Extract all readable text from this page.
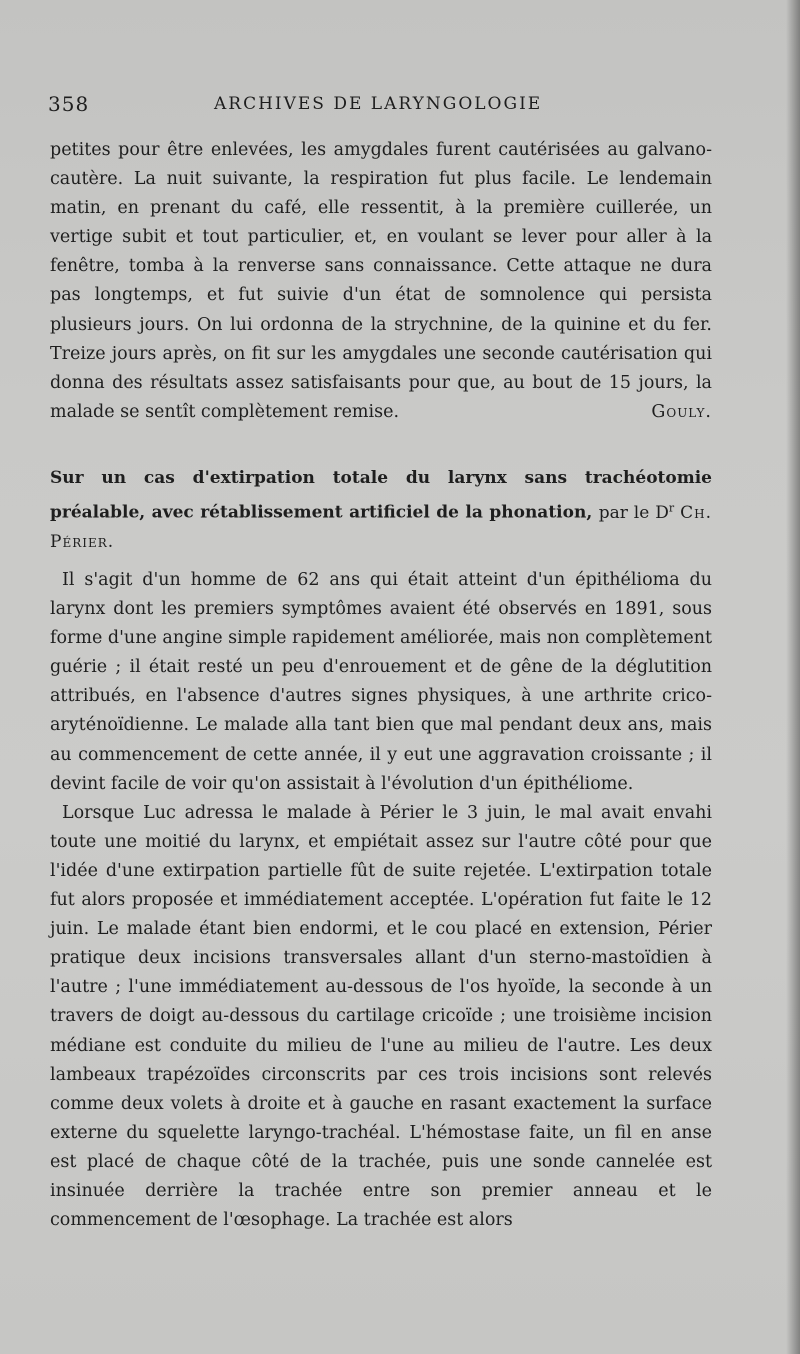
358	ARCHIVES DE LARYNGOLOGIE

petites pour être enlevées, les amygdales furent cautérisées au galvano-cautère. La nuit suivante, la respiration fut plus facile. Le lendemain matin, en prenant du café, elle ressentit, à la première cuillerée, un vertige subit et tout particulier, et, en voulant se lever pour aller à la fenêtre, tomba à la renverse sans connaissance. Cette attaque ne dura pas longtemps, et fut suivie d'un état de somnolence qui persista plusieurs jours. On lui ordonna de la strychnine, de la quinine et du fer. Treize jours après, on fit sur les amygdales une seconde cautérisation qui donna des résultats assez satisfaisants pour que, au bout de 15 jours, la malade se sentît complètement remise.	Gouly.

Sur un cas d'extirpation totale du larynx sans trachéotomie préalable, avec rétablissement artificiel de la phonation, par le $D^r$ Ch. Périer.

Il s'agit d'un homme de 62 ans qui était atteint d'un épithélioma du larynx dont les premiers symptômes avaient été observés en 1891, sous forme d'une angine simple rapidement améliorée, mais non complètement guérie ; il était resté un peu d'enrouement et de gêne de la déglutition attribués, en l'absence d'autres signes physiques, à une arthrite crico-aryténoïdienne. Le malade alla tant bien que mal pendant deux ans, mais au commencement de cette année, il y eut une aggravation croissante ; il devint facile de voir qu'on assistait à l'évolution d'un épithéliome.

Lorsque Luc adressa le malade à Périer le 3 juin, le mal avait envahi toute une moitié du larynx, et empiétait assez sur l'autre côté pour que l'idée d'une extirpation partielle fût de suite rejetée. L'extirpation totale fut alors proposée et immédiatement acceptée. L'opération fut faite le 12 juin. Le malade étant bien endormi, et le cou placé en extension, Périer pratique deux incisions transversales allant d'un sterno-mastoïdien à l'autre ; l'une immédiatement au-dessous de l'os hyoïde, la seconde à un travers de doigt au-dessous du cartilage cricoïde ; une troisième incision médiane est conduite du milieu de l'une au milieu de l'autre. Les deux lambeaux trapézoïdes circonscrits par ces trois incisions sont relevés comme deux volets à droite et à gauche en rasant exactement la surface externe du squelette laryngo-trachéal. L'hémostase faite, un fil en anse est placé de chaque côté de la trachée, puis une sonde cannelée est insinuée derrière la trachée entre son premier anneau et le commencement de l'œsophage. La trachée est alors
